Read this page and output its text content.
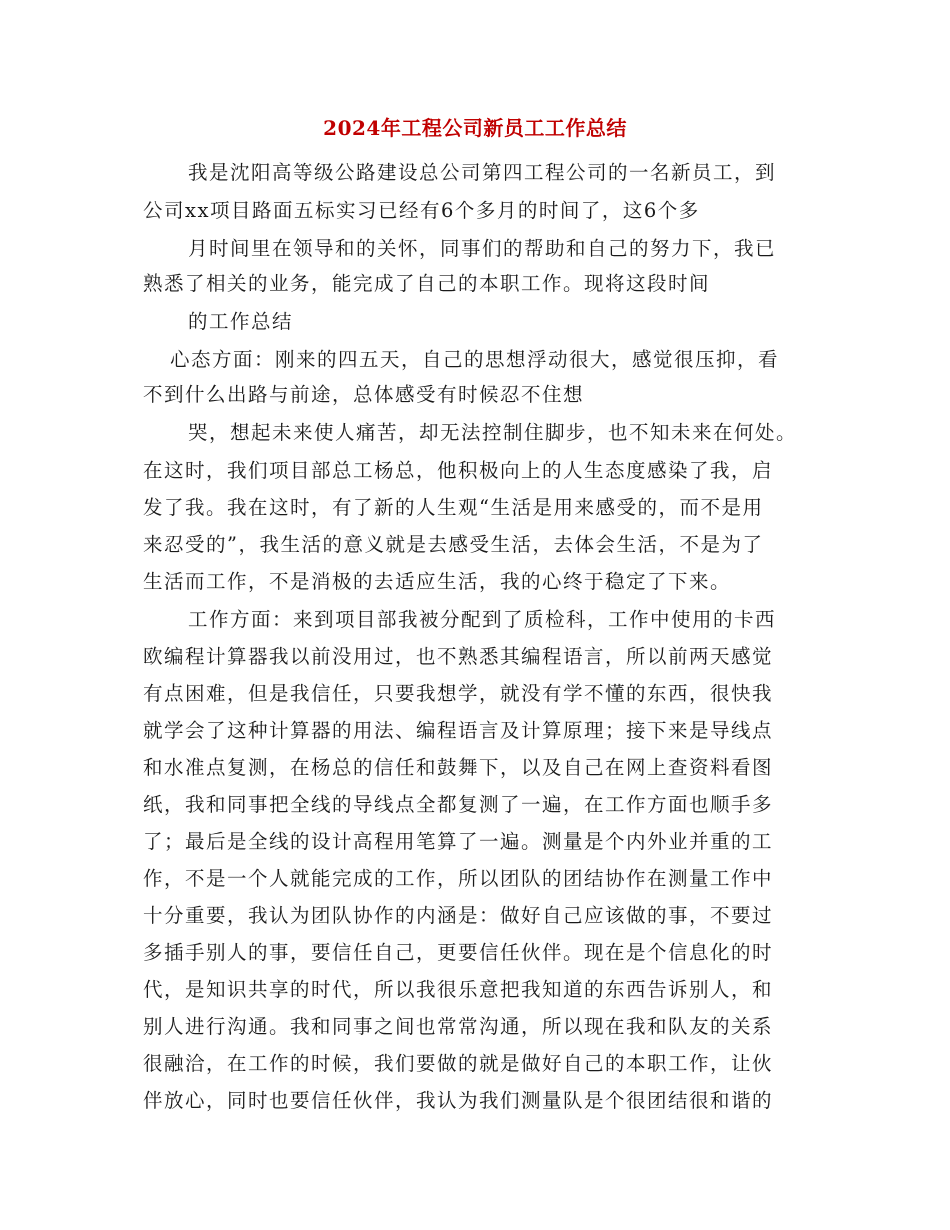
2024年工程公司新员工工作总结
我是沈阳高等级公路建设总公司第四工程公司的一名新员工，到
公司xx项目路面五标实习已经有6个多月的时间了，这6个多
月时间里在领导和的关怀，同事们的帮助和自己的努力下，我已
熟悉了相关的业务，能完成了自己的本职工作。现将这段时间
的工作总结
心态方面：刚来的四五天，自己的思想浮动很大，感觉很压抑，看
不到什么出路与前途，总体感受有时候忍不住想
哭，想起未来使人痛苦，却无法控制住脚步，也不知未来在何处。
在这时，我们项目部总工杨总，他积极向上的人生态度感染了我，启
发了我。我在这时，有了新的人生观“生活是用来感受的，而不是用
来忍受的”，我生活的意义就是去感受生活，去体会生活，不是为了
生活而工作，不是消极的去适应生活，我的心终于稳定了下来。
工作方面：来到项目部我被分配到了质检科，工作中使用的卡西
欧编程计算器我以前没用过，也不熟悉其编程语言，所以前两天感觉
有点困难，但是我信任，只要我想学，就没有学不懂的东西，很快我
就学会了这种计算器的用法、编程语言及计算原理；接下来是导线点
和水准点复测，在杨总的信任和鼓舞下，以及自己在网上查资料看图
纸，我和同事把全线的导线点全都复测了一遍，在工作方面也顺手多
了；最后是全线的设计高程用笔算了一遍。测量是个内外业并重的工
作，不是一个人就能完成的工作，所以团队的团结协作在测量工作中
十分重要，我认为团队协作的内涵是：做好自己应该做的事，不要过
多插手别人的事，要信任自己，更要信任伙伴。现在是个信息化的时
代，是知识共享的时代，所以我很乐意把我知道的东西告诉别人，和
别人进行沟通。我和同事之间也常常沟通，所以现在我和队友的关系
很融洽，在工作的时候，我们要做的就是做好自己的本职工作，让伙
伴放心，同时也要信任伙伴，我认为我们测量队是个很团结很和谐的
